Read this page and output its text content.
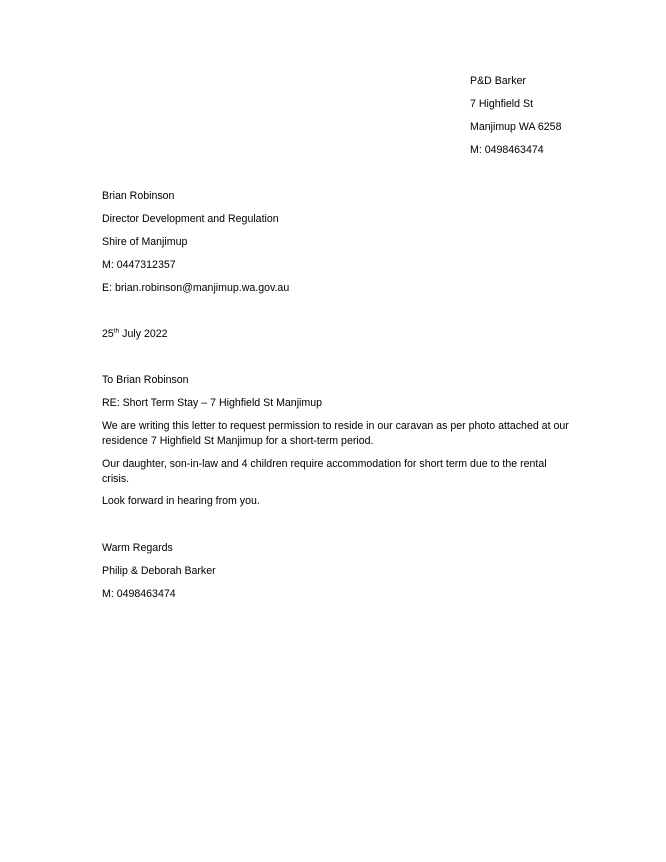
P&D Barker
7 Highfield St
Manjimup WA 6258
M: 0498463474
Brian Robinson
Director Development and Regulation
Shire of Manjimup
M: 0447312357
E: brian.robinson@manjimup.wa.gov.au
25th July 2022
To Brian Robinson
RE: Short Term Stay – 7 Highfield St Manjimup
We are writing this letter to request permission to reside in our caravan as per photo attached at our residence 7 Highfield St Manjimup for a short-term period.
Our daughter, son-in-law and 4 children require accommodation for short term due to the rental crisis.
Look forward in hearing from you.
Warm Regards
Philip & Deborah Barker
M: 0498463474
